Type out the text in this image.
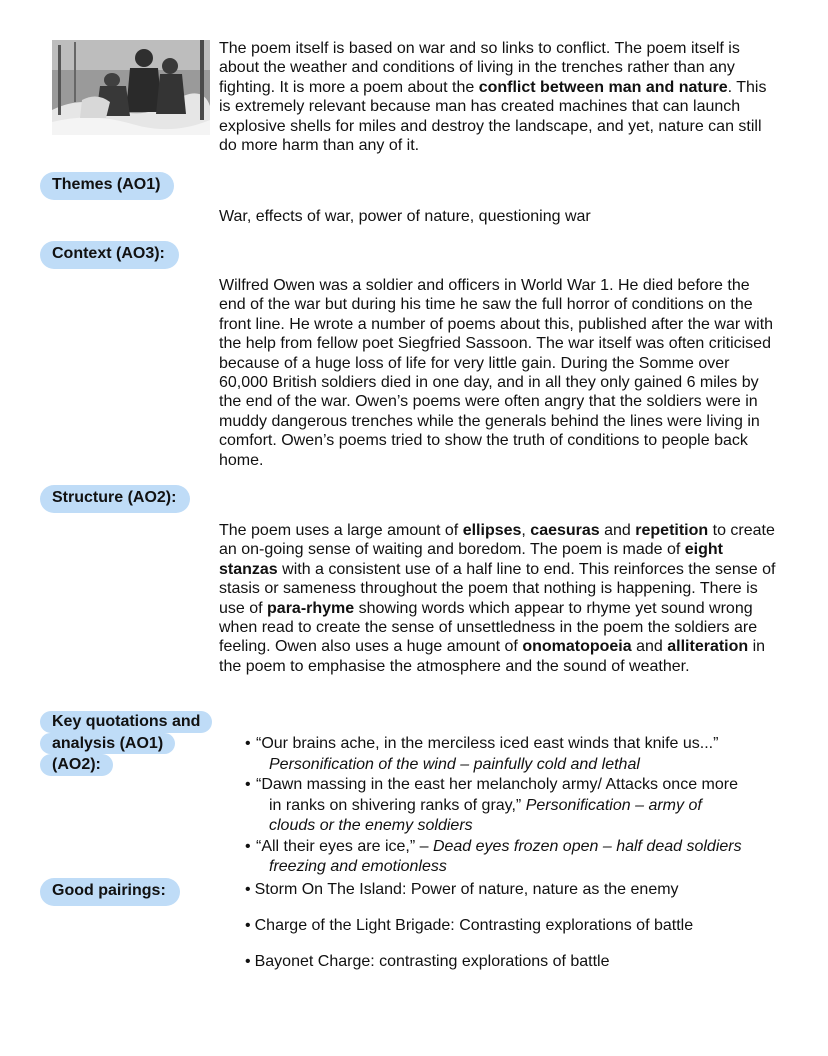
The poem itself is based on war and so links to conflict. The poem itself is about the weather and conditions of living in the trenches rather than any fighting. It is more a poem about the conflict between man and nature. This is extremely relevant because man has created machines that can launch explosive shells for miles and destroy the landscape, and yet, nature can still do more harm than any of it.

Themes (AO1)

War, effects of war, power of nature, questioning war

Context (AO3):

Wilfred Owen was a soldier and officers in World War 1. He died before the end of the war but during his time he saw the full horror of conditions on the front line. He wrote a number of poems about this, published after the war with the help from fellow poet Siegfried Sassoon. The war itself was often criticised because of a huge loss of life for very little gain. During the Somme over 60,000 British soldiers died in one day, and in all they only gained 6 miles by the end of the war. Owen’s poems were often angry that the soldiers were in muddy dangerous trenches while the generals behind the lines were living in comfort. Owen’s poems tried to show the truth of conditions to people back home.

Structure (AO2):

The poem uses a large amount of ellipses, caesuras and repetition to create an on-going sense of waiting and boredom. The poem is made of eight stanzas with a consistent use of a half line to end. This reinforces the sense of stasis or sameness throughout the poem that nothing is happening. There is use of para-rhyme showing words which appear to rhyme yet sound wrong when read to create the sense of unsettledness in the poem the soldiers are feeling. Owen also uses a huge amount of onomatopoeia and alliteration in the poem to emphasise the atmosphere and the sound of weather.

Key quotations and
analysis (AO1)
(AO2):
• “Our brains ache, in the merciless iced east winds that knife us...”
Personification of the wind – painfully cold and lethal
• “Dawn massing in the east her melancholy army/ Attacks once more
in ranks on shivering ranks of gray,” Personification – army of
clouds or the enemy soldiers
• “All their eyes are ice,” – Dead eyes frozen open – half dead soldiers
freezing and emotionless
Good pairings:	• Storm On The Island: Power of nature, nature as the enemy
• Charge of the Light Brigade: Contrasting explorations of battle
• Bayonet Charge: contrasting explorations of battle
